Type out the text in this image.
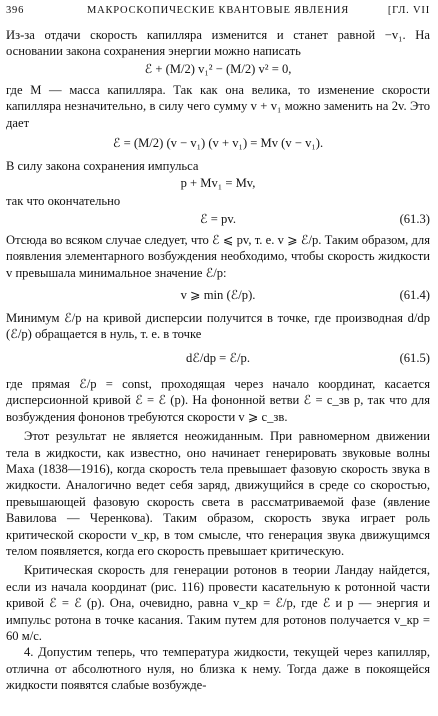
396	МАКРОСКОПИЧЕСКИЕ КВАНТОВЫЕ ЯВЛЕНИЯ	[ГЛ. VII

Из-за отдачи скорость капилляра изменится и станет равной −v₁. На основании закона сохранения энергии можно написать

ℰ + (M/2) v₁² − (M/2) v² = 0,

где M — масса капилляра. Так как она велика, то изменение скорости капилляра незначительно, в силу чего сумму v + v₁ можно заменить на 2v. Это дает

ℰ = (M/2) (v − v₁) (v + v₁) = Mv (v − v₁).

В силу закона сохранения импульса

p + Mv₁ = Mv,

так что окончательно

ℰ = pv.	(61.3)

Отсюда во всяком случае следует, что ℰ ⩽ pv, т. е. v ⩾ ℰ/p. Таким образом, для появления элементарного возбуждения необходимо, чтобы скорость жидкости v превышала минимальное значение ℰ/p:

v ⩾ min (ℰ/p).	(61.4)

Минимум ℰ/p на кривой дисперсии получится в точке, где производная d/dp (ℰ/p) обращается в нуль, т. е. в точке

dℰ/dp = ℰ/p.	(61.5)

где прямая ℰ/p = const, проходящая через начало координат, касается дисперсионной кривой ℰ = ℰ (p). На фононной ветви ℰ = c_зв p, так что для возбуждения фононов требуются скорости v ⩾ c_зв.

Этот результат не является неожиданным. При равномерном движении тела в жидкости, как известно, оно начинает генерировать звуковые волны Маха (1838—1916), когда скорость тела превышает фазовую скорость звука в жидкости. Аналогично ведет себя заряд, движущийся в среде со скоростью, превышающей фазовую скорость света в рассматриваемой фазе (явление Вавилова — Черенкова). Таким образом, скорость звука играет роль критической скорости v_кр, в том смысле, что генерация звука движущимся телом появляется, когда его скорость превышает критическую.

Критическая скорость для генерации ротонов в теории Ландау найдется, если из начала координат (рис. 116) провести касательную к ротонной части кривой ℰ = ℰ (p). Она, очевидно, равна v_кр = ℰ/p, где ℰ и p — энергия и импульс ротона в точке касания. Таким путем для ротонов получается v_кр = 60 м/с.

4. Допустим теперь, что температура жидкости, текущей через капилляр, отлична от абсолютного нуля, но близка к нему. Тогда даже в покоящейся жидкости появятся слабые возбужде-
